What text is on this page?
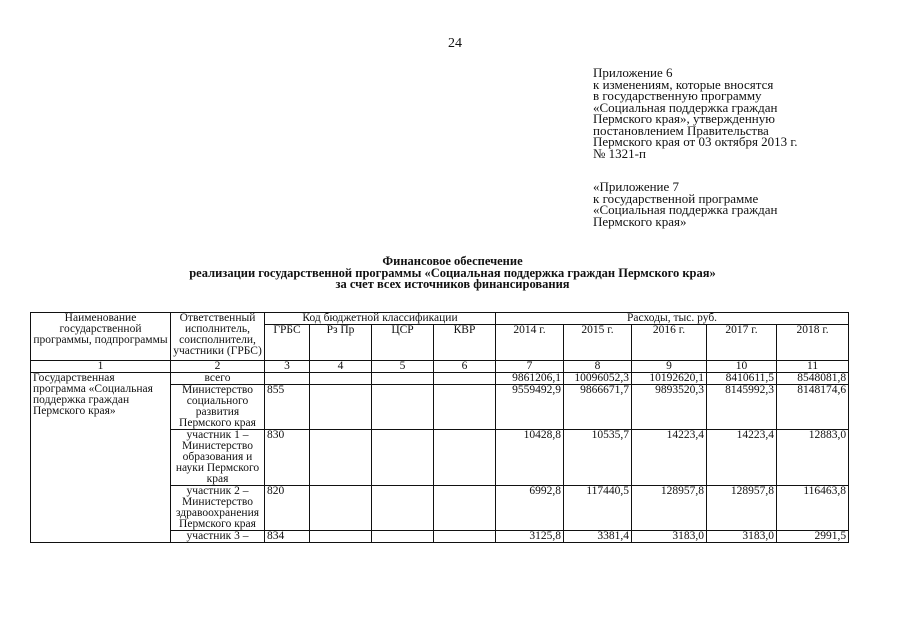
24
Приложение 6
к изменениям, которые вносятся
в государственную программу
«Социальная поддержка граждан
Пермского края», утвержденную
постановлением Правительства
Пермского края от 03 октября 2013 г.
№ 1321-п
«Приложение 7
к государственной программе
«Социальная поддержка граждан
Пермского края»
Финансовое обеспечение
реализации государственной программы «Социальная поддержка граждан Пермского края»
за счет всех источников финансирования
Наименование государственной программы, подпрограммы	Ответственный исполнитель, соисполнители, участники (ГРБС)	Код бюджетной классификации				Расходы, тыс. руб.				
		ГРБС	Рз Пр	ЦСР	КВР	2014 г.	2015 г.	2016 г.	2017 г.	2018 г.
1	2	3	4	5	6	7	8	9	10	11
Государственная программа «Социальная поддержка граждан Пермского края»	всего					9861206,1	10096052,3	10192620,1	8410611,5	8548081,8
	Министерство социального развития Пермского края	855				9559492,9	9866671,7	9893520,3	8145992,3	8148174,6
	участник 1 – Министерство образования и науки Пермского края	830				10428,8	10535,7	14223,4	14223,4	12883,0
	участник 2 – Министерство здравоохранения Пермского края	820				6992,8	117440,5	128957,8	128957,8	116463,8
	участник 3 –	834				3125,8	3381,4	3183,0	3183,0	2991,5
